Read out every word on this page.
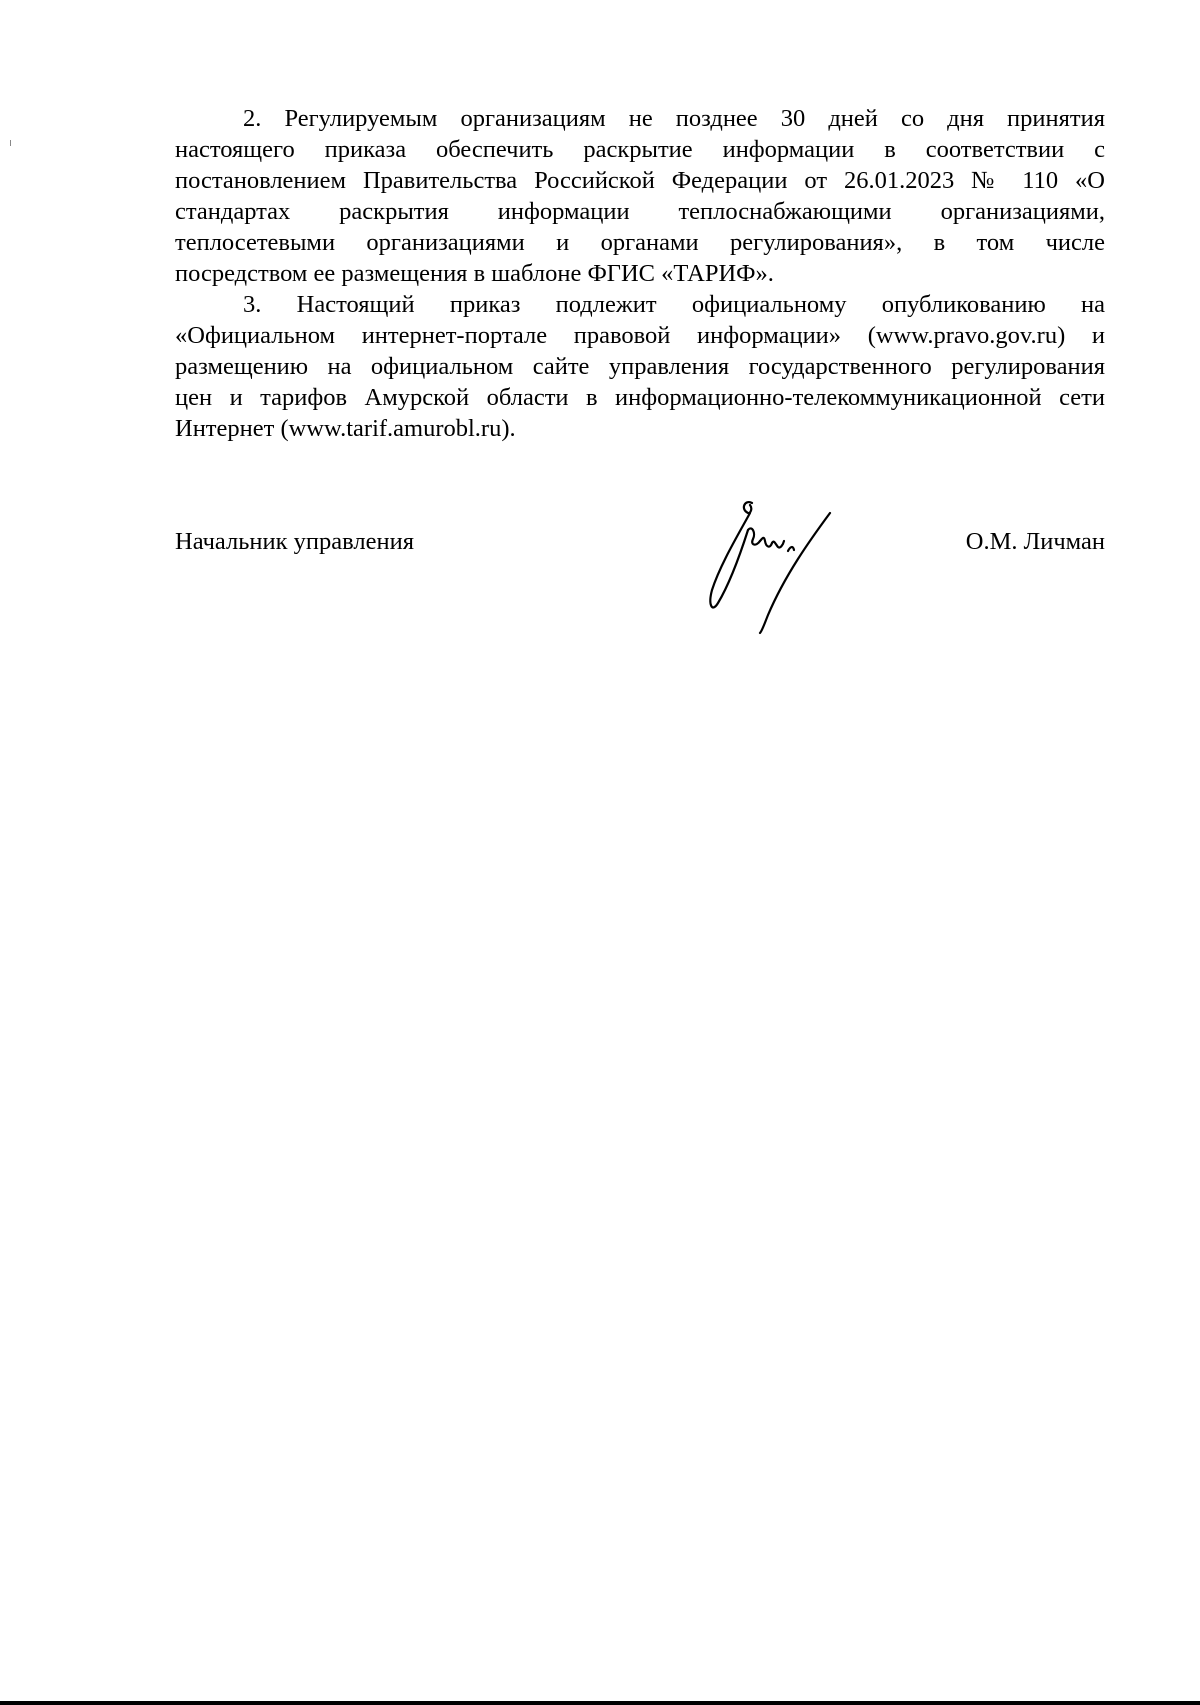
2. Регулируемым организациям не позднее 30 дней со дня принятия
настоящего приказа обеспечить раскрытие информации в соответствии с
постановлением Правительства Российской Федерации от 26.01.2023 № 110 «О
стандартах раскрытия информации теплоснабжающими организациями,
теплосетевыми организациями и органами регулирования», в том числе
посредством ее размещения в шаблоне ФГИС «ТАРИФ».

3. Настоящий приказ подлежит официальному опубликованию на
«Официальном интернет-портале правовой информации» (www.pravo.gov.ru) и
размещению на официальном сайте управления государственного регулирования
цен и тарифов Амурской области в информационно-телекоммуникационной сети
Интернет (www.tarif.amurobl.ru).

Начальник управления	О.М. Личман
